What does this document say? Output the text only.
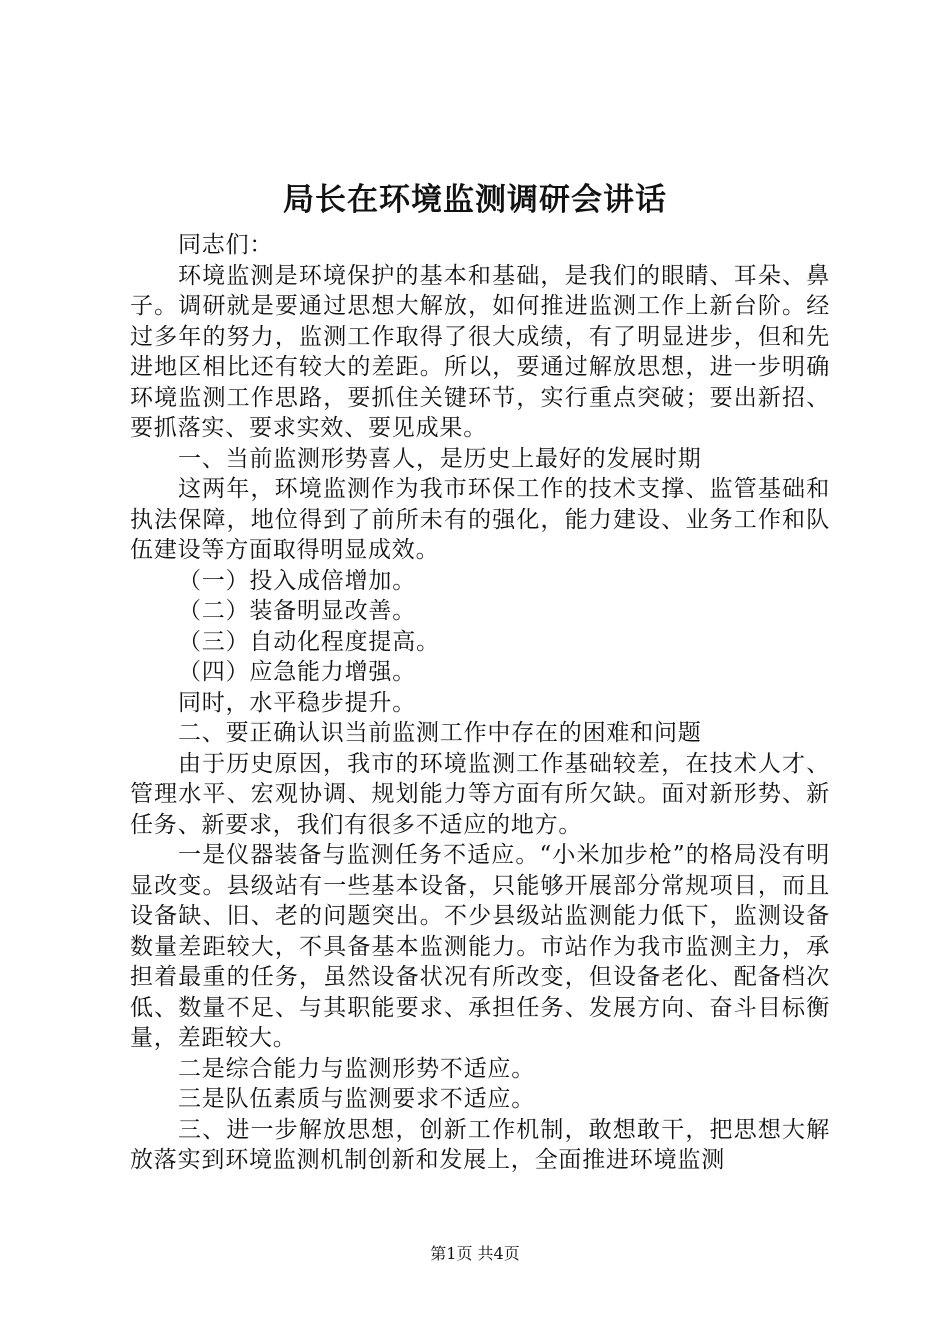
局长在环境监测调研会讲话

同志们：

环境监测是环境保护的基本和基础，是我们的眼睛、耳朵、鼻子。调研就是要通过思想大解放，如何推进监测工作上新台阶。经过多年的努力，监测工作取得了很大成绩，有了明显进步，但和先进地区相比还有较大的差距。所以，要通过解放思想，进一步明确环境监测工作思路，要抓住关键环节，实行重点突破；要出新招、要抓落实、要求实效、要见成果。

一、当前监测形势喜人，是历史上最好的发展时期

这两年，环境监测作为我市环保工作的技术支撑、监管基础和执法保障，地位得到了前所未有的强化，能力建设、业务工作和队伍建设等方面取得明显成效。

（一）投入成倍增加。

（二）装备明显改善。

（三）自动化程度提高。

（四）应急能力增强。

同时，水平稳步提升。

二、要正确认识当前监测工作中存在的困难和问题

由于历史原因，我市的环境监测工作基础较差，在技术人才、管理水平、宏观协调、规划能力等方面有所欠缺。面对新形势、新任务、新要求，我们有很多不适应的地方。

一是仪器装备与监测任务不适应。“小米加步枪”的格局没有明显改变。县级站有一些基本设备，只能够开展部分常规项目，而且设备缺、旧、老的问题突出。不少县级站监测能力低下，监测设备数量差距较大，不具备基本监测能力。市站作为我市监测主力，承担着最重的任务，虽然设备状况有所改变，但设备老化、配备档次低、数量不足、与其职能要求、承担任务、发展方向、奋斗目标衡量，差距较大。

二是综合能力与监测形势不适应。

三是队伍素质与监测要求不适应。

三、进一步解放思想，创新工作机制，敢想敢干，把思想大解放落实到环境监测机制创新和发展上，全面推进环境监测

第1页 共4页
